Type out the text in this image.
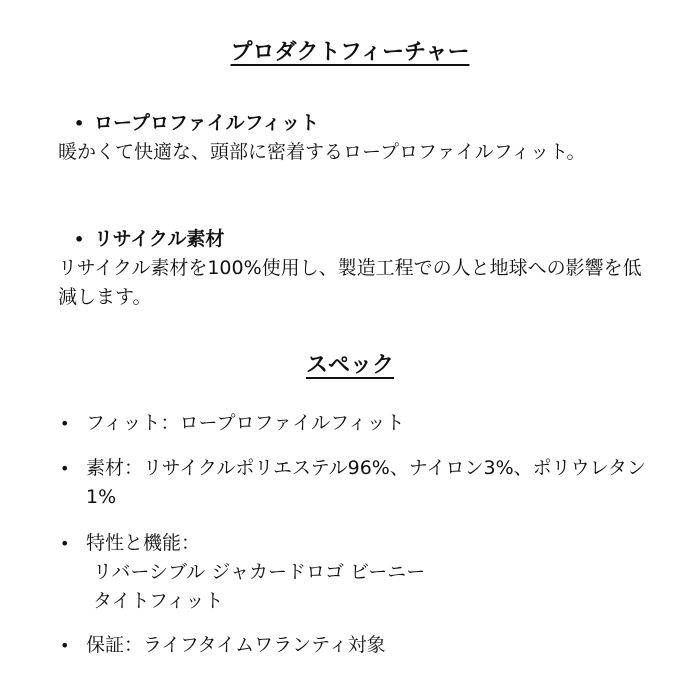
プロダクトフィーチャー

• ロープロファイルフィット

暖かくて快適な、頭部に密着するロープロファイルフィット。

• リサイクル素材

リサイクル素材を100%使用し、製造工程での人と地球への影響を低減します。

スペック
• フィット：ロープロファイルフィット
• 素材：リサイクルポリエステル96%、ナイロン3%、ポリウレタン1%
• 特性と機能：
リバーシブル ジャカードロゴ ビーニー
タイトフィット
• 保証：ライフタイムワランティ対象
